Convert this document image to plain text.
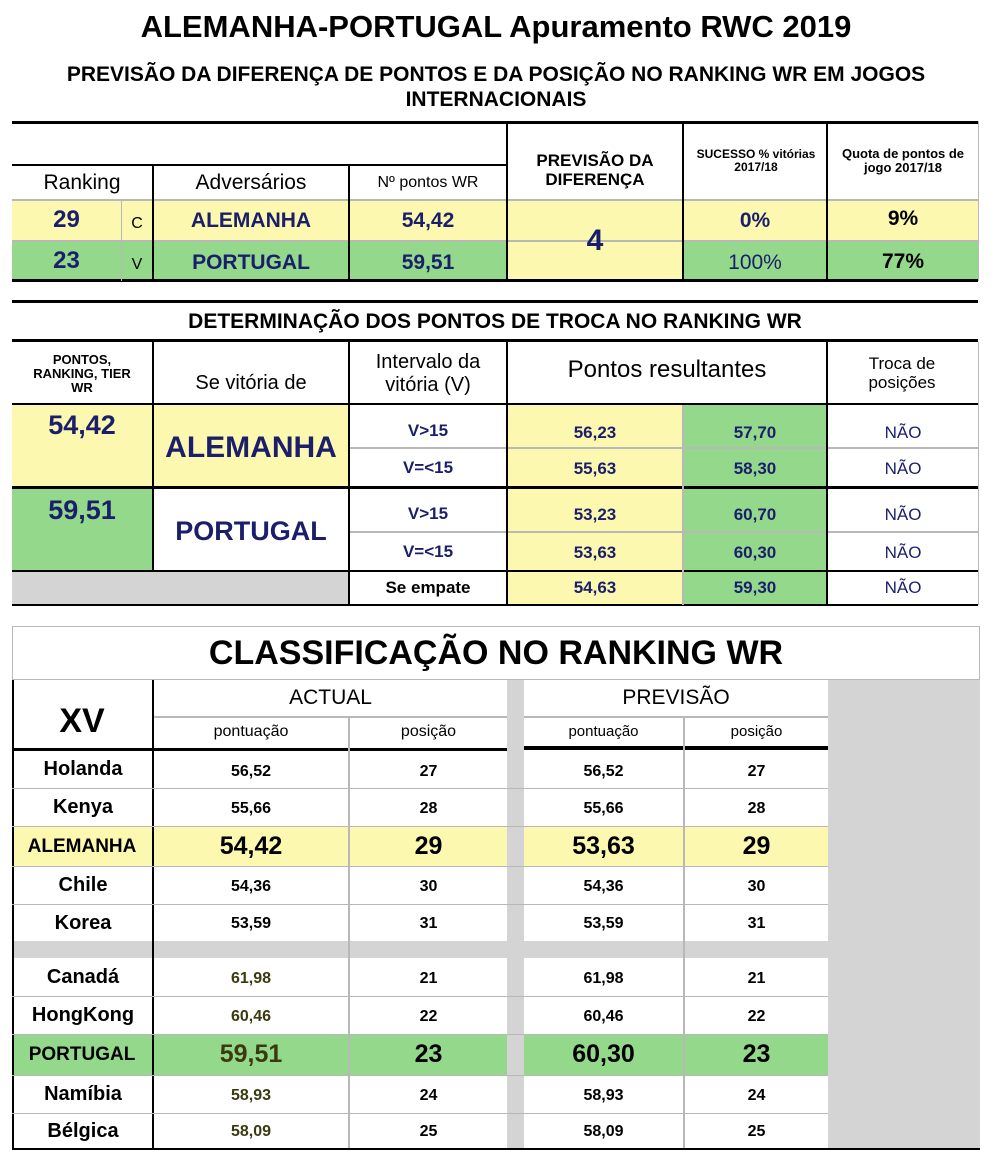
ALEMANHA-PORTUGAL Apuramento RWC 2019
PREVISÃO DA DIFERENÇA DE PONTOS E DA POSIÇÃO NO RANKING WR EM JOGOS INTERNACIONAIS
Ranking	Adversários	Nº pontos WR
PREVISÃO DA DIFERENÇA
SUCESSO % vitórias 2017/18
Quota de pontos de jogo 2017/18
29	C	ALEMANHA	54,42	0%	9%
23	V	PORTUGAL	59,51	100%	77%
4
DETERMINAÇÃO DOS PONTOS DE TROCA NO RANKING WR
PONTOS, RANKING, TIER WR	Se vitória de
Intervalo da vitória (V)
Pontos resultantes	Troca de posições
54,42
ALEMANHA
V>15	56,23	57,70	NÃO
V=<15	55,63	58,30	NÃO
59,51
PORTUGAL
V>15	53,23	60,70	NÃO
V=<15	53,63	60,30	NÃO
Se empate	54,63	59,30	NÃO
CLASSIFICAÇÃO NO RANKING WR
XV
ACTUAL	PREVISÃO
pontuação	posição	pontuação	posição
Holanda	56,52	27	56,52	27
Kenya	55,66	28	55,66	28
ALEMANHA	54,42	29	53,63	29
Chile	54,36	30	54,36	30
Korea	53,59	31	53,59	31
Canadá	61,98	21	61,98	21
HongKong	60,46	22	60,46	22
PORTUGAL	59,51	23	60,30	23
Namíbia	58,93	24	58,93	24
Bélgica	58,09	25	58,09	25
